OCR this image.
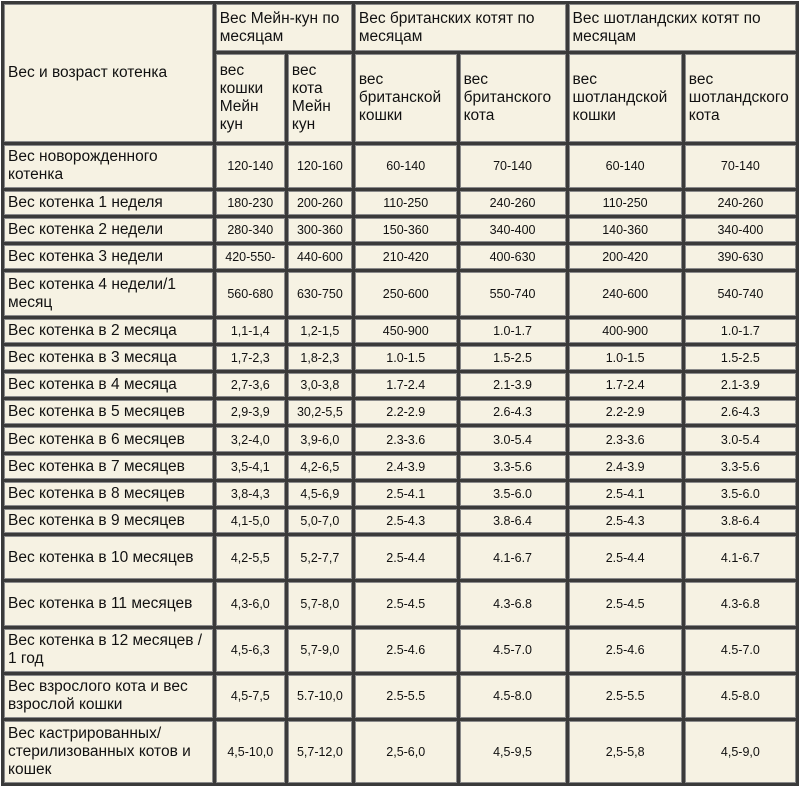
Вес и возраст котенка	Вес Мейн-кун по месяцам		Вес британских котят по месяцам		Вес шотландских котят по месяцам	
	вес кошки Мейн кун	вес кота Мейн кун	вес британской кошки	вес британского кота	вес шотландской кошки	вес шотландского кота
Вес новорожденного котенка	120-140	120-160	60-140	70-140	60-140	70-140
Вес котенка 1 неделя	180-230	200-260	110-250	240-260	110-250	240-260
Вес котенка 2 недели	280-340	300-360	150-360	340-400	140-360	340-400
Вес котенка 3 недели	420-550-	440-600	210-420	400-630	200-420	390-630
Вес котенка 4 недели/1 месяц	560-680	630-750	250-600	550-740	240-600	540-740
Вес котенка в 2 месяца	1,1-1,4	1,2-1,5	450-900	1.0-1.7	400-900	1.0-1.7
Вес котенка в 3 месяца	1,7-2,3	1,8-2,3	1.0-1.5	1.5-2.5	1.0-1.5	1.5-2.5
Вес котенка в 4 месяца	2,7-3,6	3,0-3,8	1.7-2.4	2.1-3.9	1.7-2.4	2.1-3.9
Вес котенка в 5 месяцев	2,9-3,9	30,2-5,5	2.2-2.9	2.6-4.3	2.2-2.9	2.6-4.3
Вес котенка в 6 месяцев	3,2-4,0	3,9-6,0	2.3-3.6	3.0-5.4	2.3-3.6	3.0-5.4
Вес котенка в 7 месяцев	3,5-4,1	4,2-6,5	2.4-3.9	3.3-5.6	2.4-3.9	3.3-5.6
Вес котенка в 8 месяцев	3,8-4,3	4,5-6,9	2.5-4.1	3.5-6.0	2.5-4.1	3.5-6.0
Вес котенка в 9 месяцев	4,1-5,0	5,0-7,0	2.5-4.3	3.8-6.4	2.5-4.3	3.8-6.4
Вес котенка в 10 месяцев	4,2-5,5	5,2-7,7	2.5-4.4	4.1-6.7	2.5-4.4	4.1-6.7
Вес котенка в 11 месяцев	4,3-6,0	5,7-8,0	2.5-4.5	4.3-6.8	2.5-4.5	4.3-6.8
Вес котенка в 12 месяцев / 1 год	4,5-6,3	5,7-9,0	2.5-4.6	4.5-7.0	2.5-4.6	4.5-7.0
Вес взрослого кота и вес взрослой кошки	4,5-7,5	5.7-10,0	2.5-5.5	4.5-8.0	2.5-5.5	4.5-8.0
Вес кастрированных/ стерилизованных котов и кошек	4,5-10,0	5,7-12,0	2,5-6,0	4,5-9,5	2,5-5,8	4,5-9,0
